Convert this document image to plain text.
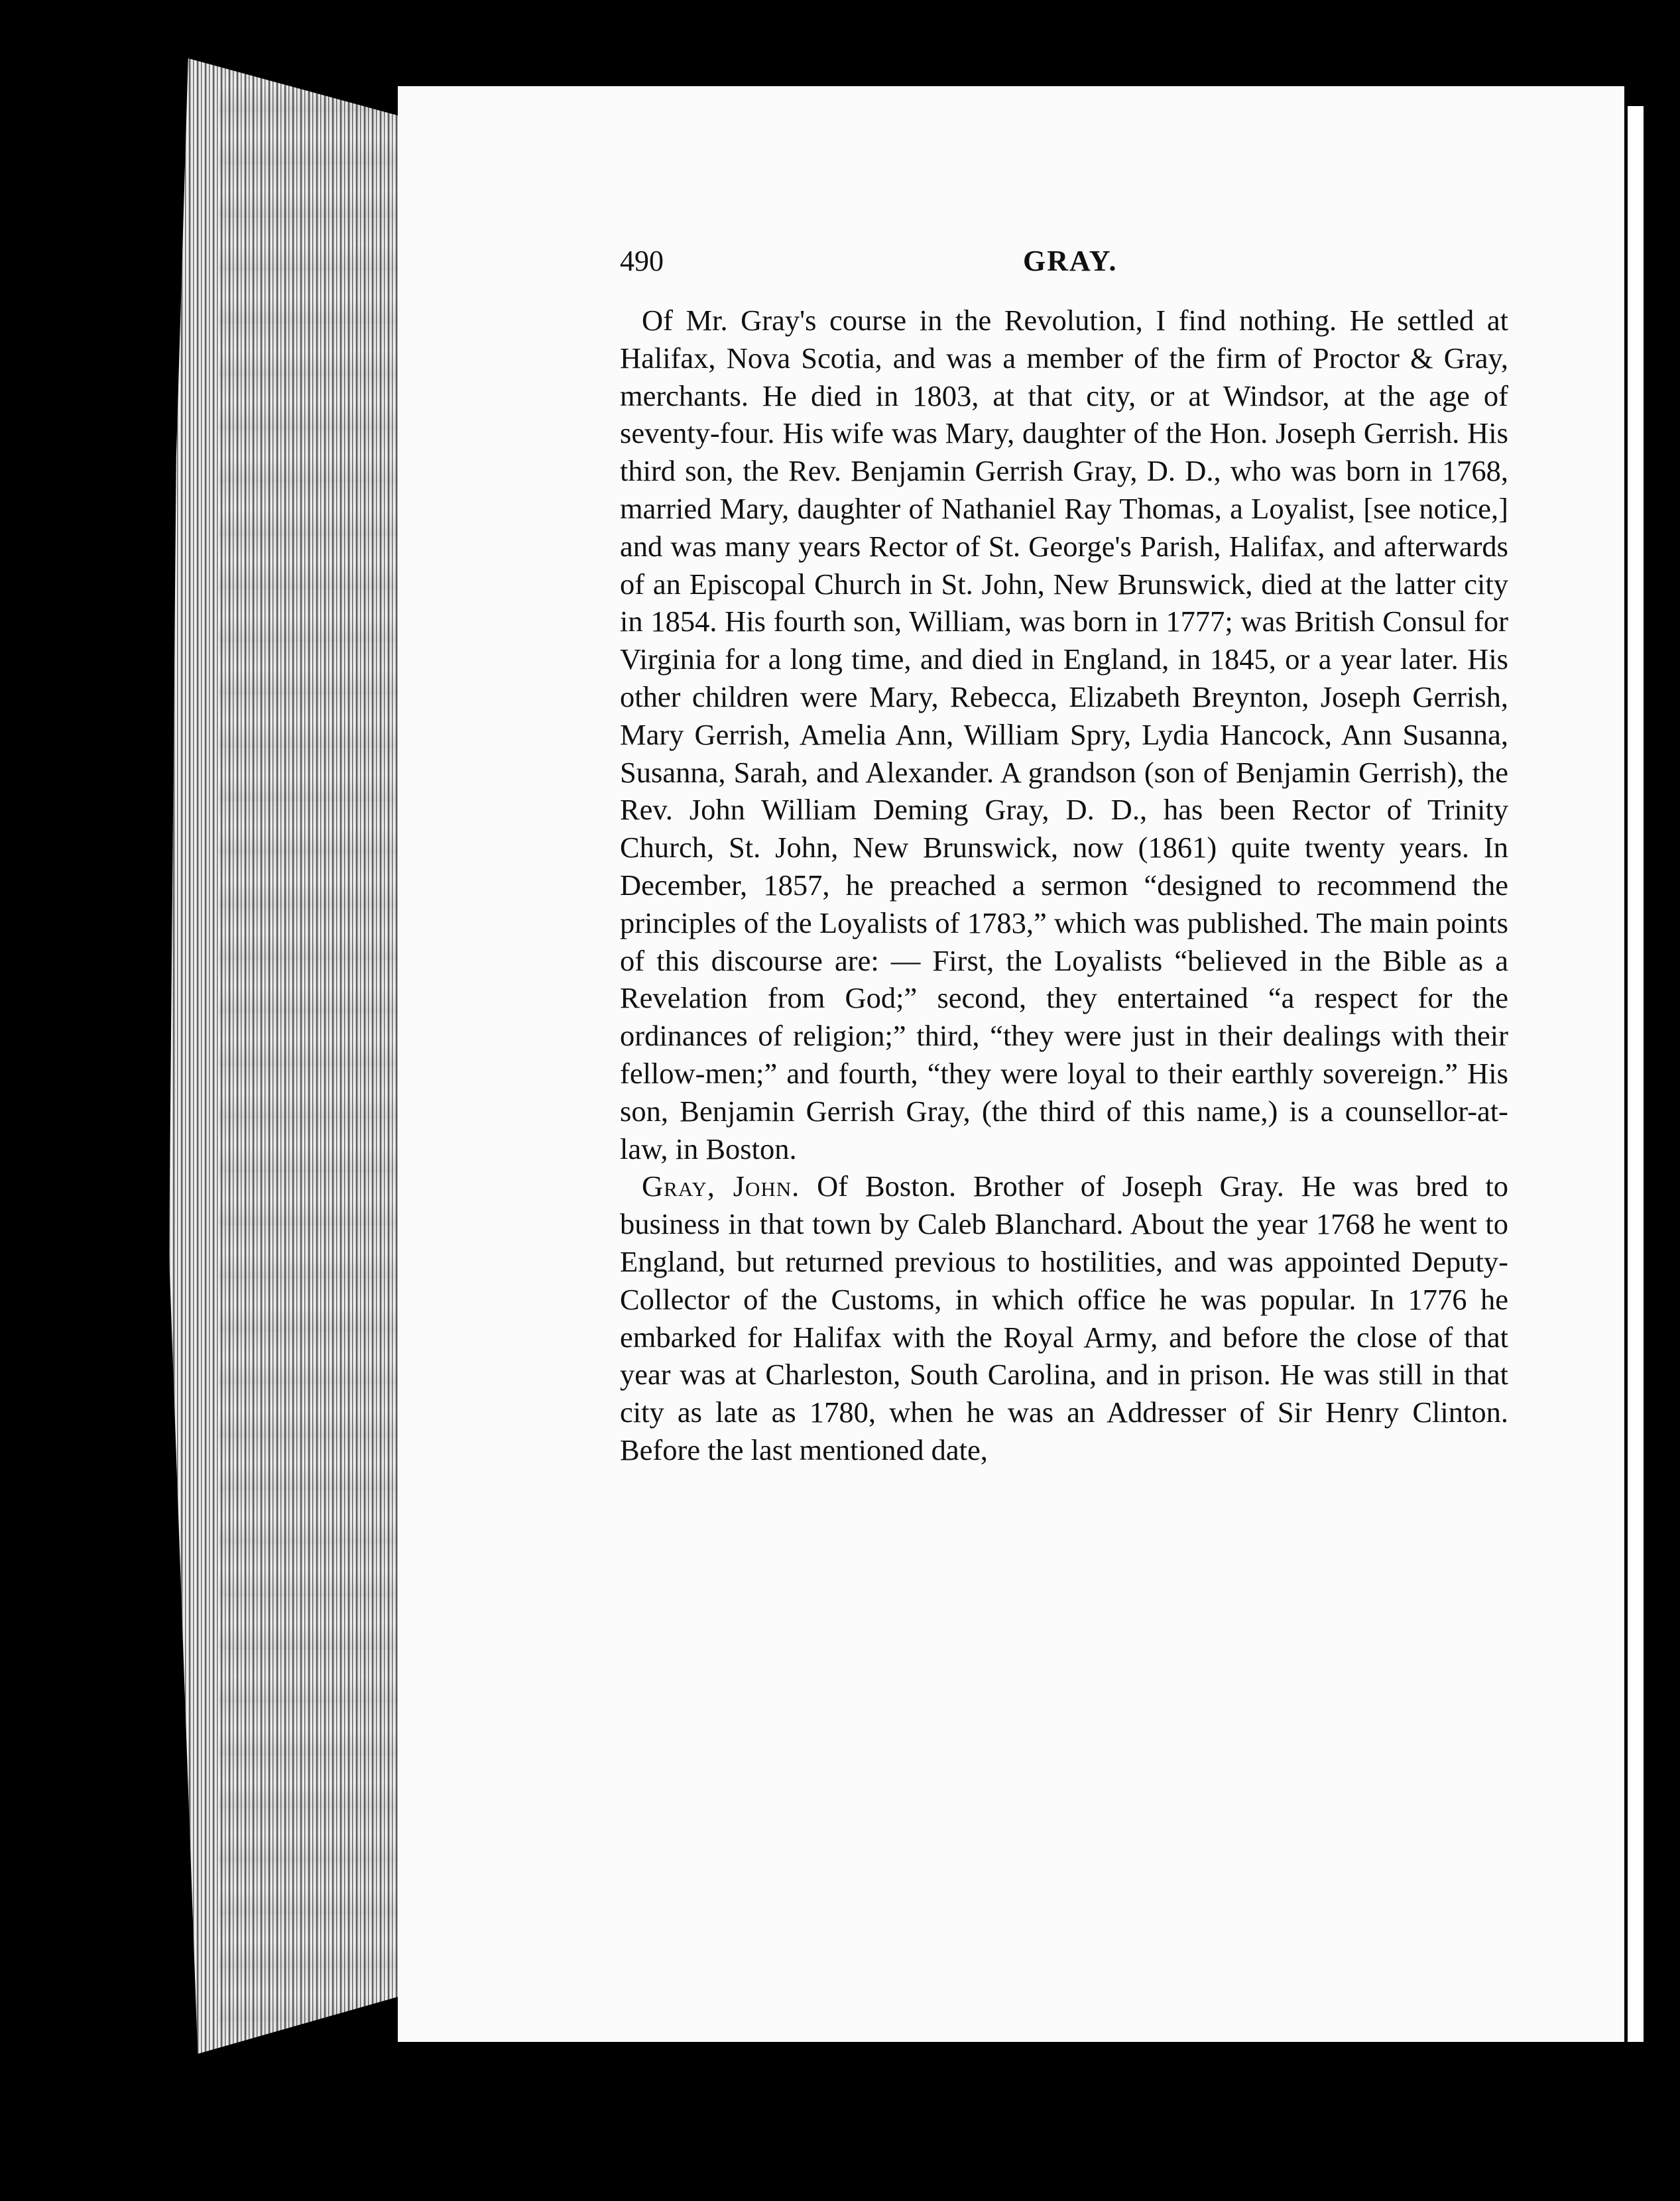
490	GRAY.

Of Mr. Gray's course in the Revolution, I find nothing. He settled at Halifax, Nova Scotia, and was a member of the firm of Proctor & Gray, merchants. He died in 1803, at that city, or at Windsor, at the age of seventy-four. His wife was Mary, daughter of the Hon. Joseph Gerrish. His third son, the Rev. Benjamin Gerrish Gray, D. D., who was born in 1768, married Mary, daughter of Nathaniel Ray Thomas, a Loyalist, [see notice,] and was many years Rector of St. George's Parish, Halifax, and afterwards of an Episcopal Church in St. John, New Brunswick, died at the latter city in 1854. His fourth son, William, was born in 1777; was British Consul for Virginia for a long time, and died in England, in 1845, or a year later. His other children were Mary, Rebecca, Elizabeth Breynton, Joseph Gerrish, Mary Gerrish, Amelia Ann, William Spry, Lydia Hancock, Ann Susanna, Susanna, Sarah, and Alexander. A grandson (son of Benjamin Gerrish), the Rev. John William Deming Gray, D. D., has been Rector of Trinity Church, St. John, New Brunswick, now (1861) quite twenty years. In December, 1857, he preached a sermon “designed to recommend the principles of the Loyalists of 1783,” which was published. The main points of this discourse are: — First, the Loyalists “believed in the Bible as a Revelation from God;” second, they entertained “a respect for the ordinances of religion;” third, “they were just in their dealings with their fellow-men;” and fourth, “they were loyal to their earthly sovereign.” His son, Benjamin Gerrish Gray, (the third of this name,) is a counsellor-at-law, in Boston.

Gray, John. Of Boston. Brother of Joseph Gray. He was bred to business in that town by Caleb Blanchard. About the year 1768 he went to England, but returned previous to hostilities, and was appointed Deputy-Collector of the Customs, in which office he was popular. In 1776 he embarked for Halifax with the Royal Army, and before the close of that year was at Charleston, South Carolina, and in prison. He was still in that city as late as 1780, when he was an Addresser of Sir Henry Clinton. Before the last mentioned date,
